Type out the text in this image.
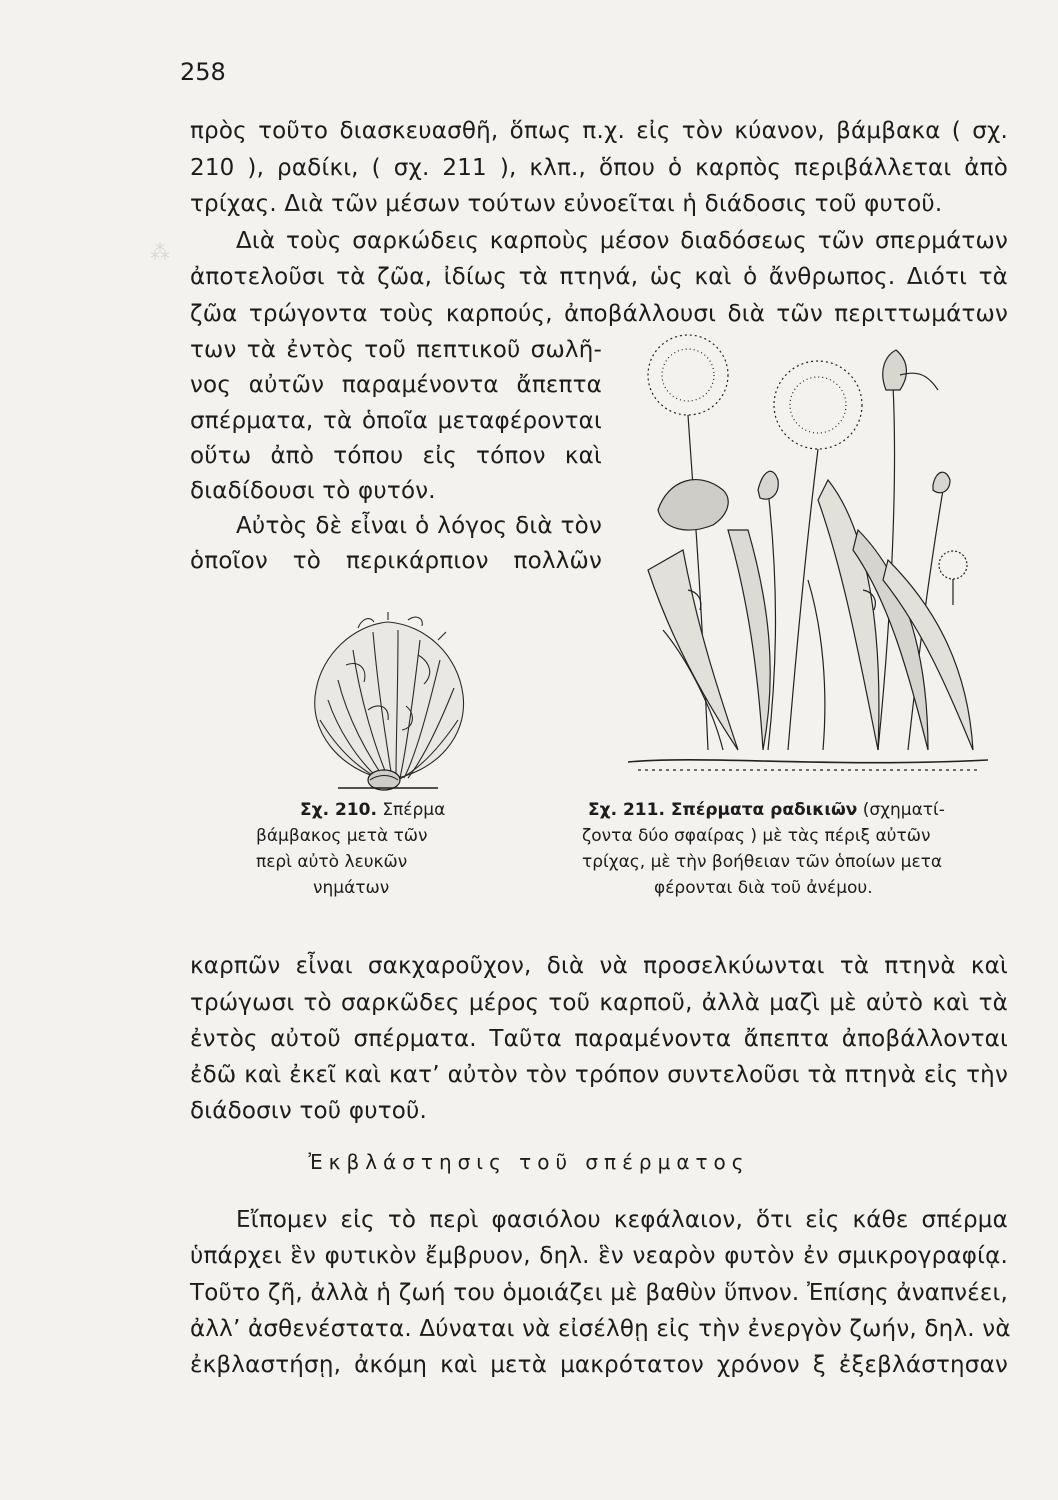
⁂
258
πρὸς τοῦτο διασκευασθῆ, ὅπως π.χ. εἰς τὸν κύανον, βάμβακα ( σχ.
210 ), ραδίκι, ( σχ. 211 ), κλπ., ὅπου ὁ καρπὸς περιβάλλεται ἀπὸ
τρίχας. Διὰ τῶν μέσων τούτων εὐνοεῖται ἡ διάδοσις τοῦ φυτοῦ.
Διὰ τοὺς σαρκώδεις καρποὺς μέσον διαδόσεως τῶν σπερμάτων
ἀποτελοῦσι τὰ ζῶα, ἰδίως τὰ πτηνά, ὡς καὶ ὁ ἄνθρωπος. Διότι τὰ
ζῶα τρώγοντα τοὺς καρπούς, ἀποβάλλουσι διὰ τῶν περιττωμάτων
των τὰ ἐντὸς τοῦ πεπτικοῦ σωλῆ-
νος αὐτῶν παραμένοντα ἄπεπτα
σπέρματα, τὰ ὁποῖα μεταφέρονται
οὕτω ἀπὸ τόπου εἰς τόπον καὶ
διαδίδουσι τὸ φυτόν.
Αὐτὸς δὲ εἶναι ὁ λόγος διὰ τὸν
ὁποῖον τὸ περικάρπιον πολλῶν
Σχ. 210. Σπέρμα
βάμβακος μετὰ τῶν
περὶ αὐτὸ λευκῶν
νημάτων
Σχ. 211. Σπέρματα ραδικιῶν (σχηματί-
ζοντα δύο σφαίρας ) μὲ τὰς πέριξ αὐτῶν
τρίχας, μὲ τὴν βοήθειαν τῶν ὁποίων μετα
φέρονται διὰ τοῦ ἀνέμου.
καρπῶν εἶναι σακχαροῦχον, διὰ νὰ προσελκύωνται τὰ πτηνὰ καὶ
τρώγωσι τὸ σαρκῶδες μέρος τοῦ καρποῦ, ἀλλὰ μαζὶ μὲ αὐτὸ καὶ τὰ
ἐντὸς αὐτοῦ σπέρματα. Ταῦτα παραμένοντα ἄπεπτα ἀποβάλλονται
ἐδῶ καὶ ἐκεῖ καὶ κατ’ αὐτὸν τὸν τρόπον συντελοῦσι τὰ πτηνὰ εἰς τὴν
διάδοσιν τοῦ φυτοῦ.
Ἐκβλάστησις τοῦ σπέρματος
Εἴπομεν εἰς τὸ περὶ φασιόλου κεφάλαιον, ὅτι εἰς κάθε σπέρμα
ὑπάρχει ἓν φυτικὸν ἔμβρυον, δηλ. ἓν νεαρὸν φυτὸν ἐν σμικρογραφίᾳ.
Τοῦτο ζῆ, ἀλλὰ ἡ ζωή του ὁμοιάζει μὲ βαθὺν ὕπνον. Ἐπίσης ἀναπνέει,
ἀλλ’ ἀσθενέστατα. Δύναται νὰ εἰσέλθῃ εἰς τὴν ἐνεργὸν ζωήν, δηλ. νὰ
ἐκβλαστήσῃ, ἀκόμη καὶ μετὰ μακρότατον χρόνον ξ ἐξεβλάστησαν
